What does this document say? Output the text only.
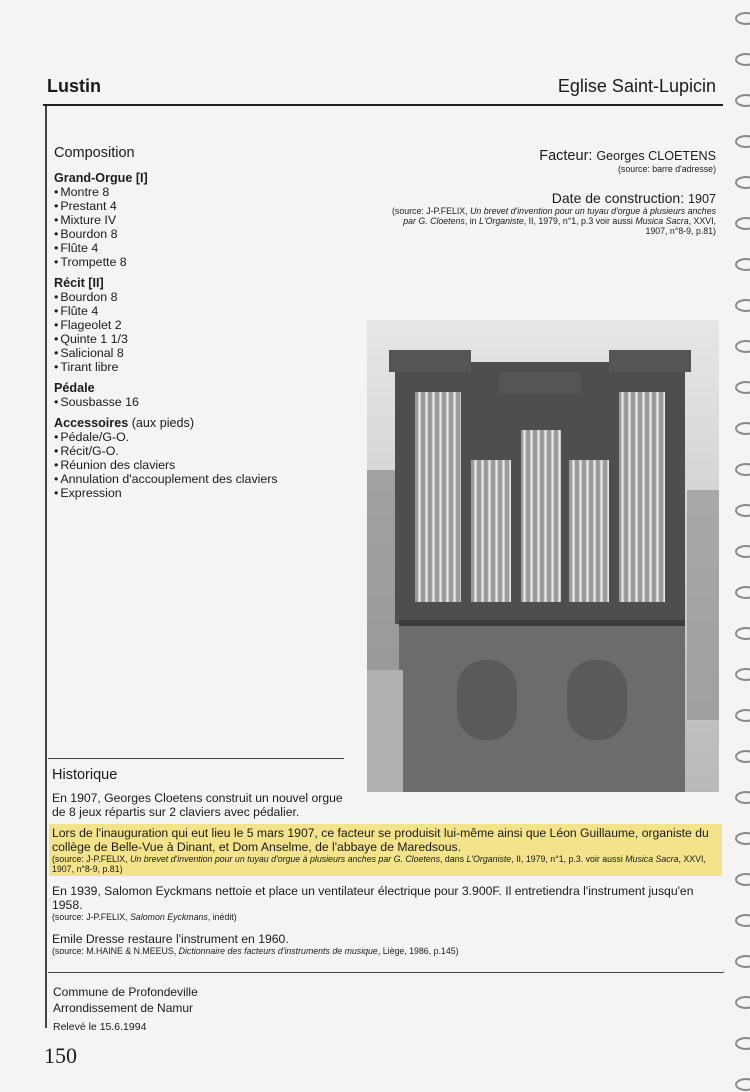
Lustin	Eglise Saint-Lupicin
Composition
Grand-Orgue [I]
• Montre 8
• Prestant 4
• Mixture IV
• Bourdon 8
• Flûte 4
• Trompette 8
Récit [II]
• Bourdon 8
• Flûte 4
• Flageolet 2
• Quinte 1 1/3
• Salicional 8
• Tirant libre
Pédale
• Sousbasse 16
Accessoires (aux pieds)
• Pédale/G-O.
• Récit/G-O.
• Réunion des claviers
• Annulation d'accouplement des claviers
• Expression
Facteur: Georges CLOETENS
(source: barre d'adresse)
Date de construction: 1907
(source: J-P.FELIX, Un brevet d'invention pour un tuyau d'orgue à plusieurs anches par G. Cloetens, in L'Organiste, II, 1979, n°1, p.3 voir aussi Musica Sacra, XXVI, 1907, n°8-9, p.81)
Historique
En 1907, Georges Cloetens construit un nouvel orgue de 8 jeux répartis sur 2 claviers avec pédalier.
Lors de l'inauguration qui eut lieu le 5 mars 1907, ce facteur se produisit lui-même ainsi que Léon Guillaume, organiste du collège de Belle-Vue à Dinant, et Dom Anselme, de l'abbaye de Maredsous.
(source: J-P.FELIX, Un brevet d'invention pour un tuyau d'orgue à plusieurs anches par G. Cloetens, dans L'Organiste, II, 1979, n°1, p.3. voir aussi Musica Sacra, XXVI, 1907, n°8-9, p.81)
En 1939, Salomon Eyckmans nettoie et place un ventilateur électrique pour 3.900F. Il entretiendra l'instrument jusqu'en 1958.
(source: J-P.FELIX, Salomon Eyckmans, inédit)
Emile Dresse restaure l'instrument en 1960.
(source: M.HAINE & N.MEEUS, Dictionnaire des facteurs d'instruments de musique, Liège, 1986, p.145)
Commune de Profondeville
Arrondissement de Namur
Relevé le 15.6.1994
150
